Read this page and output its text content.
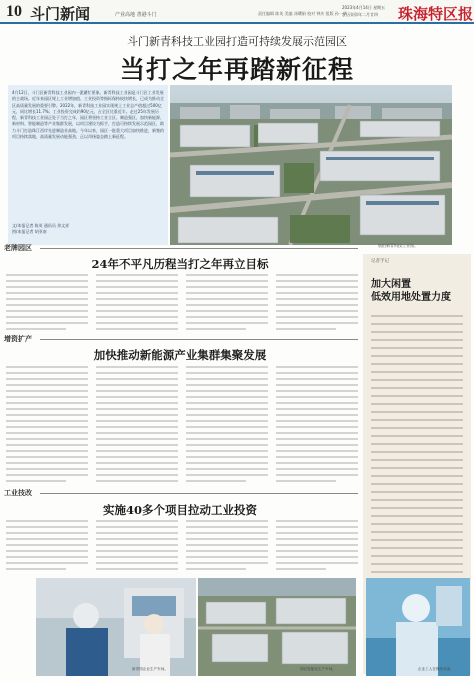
10 斗门新闻	产业高地 善港斗门	责任编辑 陈英 美编 汤曙娟 校对 钟庆 组版 孙一华
2023年4月14日 星期五
农历癸卯年二月廿四 珠海特区报
斗门新青科技工业园打造可持续发展示范园区
当打之年再踏新征程
4月12日，斗门区新青科技工业园内一派繁忙景象。新青科技工业园是斗门区工业发展的主战场，近年来园区规上工业增加值、工业投资等指标保持较快增长，已成为推动全区高质量发展的重要引擎。2022年，新青科技工业园实现规上工业总产值超过500亿元，同比增长11.7%；工业投资完成约90亿元，占全区比重近半。走过25年发展历程，新青科技工业园正处于当打之年，园区将坚持工业立区、制造强区，加快新能源、新材料、智能制造等产业集群发展，以项目建设为抓手，打造可持续发展示范园区，助力斗门打造珠江西岸先进制造业高地。今年以来，园区一批重大项目加快推进，新签约项目持续落地，高质量发展动能强劲，正以昂扬姿态踏上新征程。
文/本报记者 陈英 通讯员 余文祥
图/本报记者 胡亚南
航拍新青科技工业园。
记者手记
加大闲置
低效用地处置力度
老牌园区
24年不平凡历程当打之年再立目标
增资扩产
加快推动新能源产业集群集聚发展
工业技改
实施40多个项目拉动工业投资
新青园企业生产车间。	园区智能化生产车间。	企业工人在操作设备。
